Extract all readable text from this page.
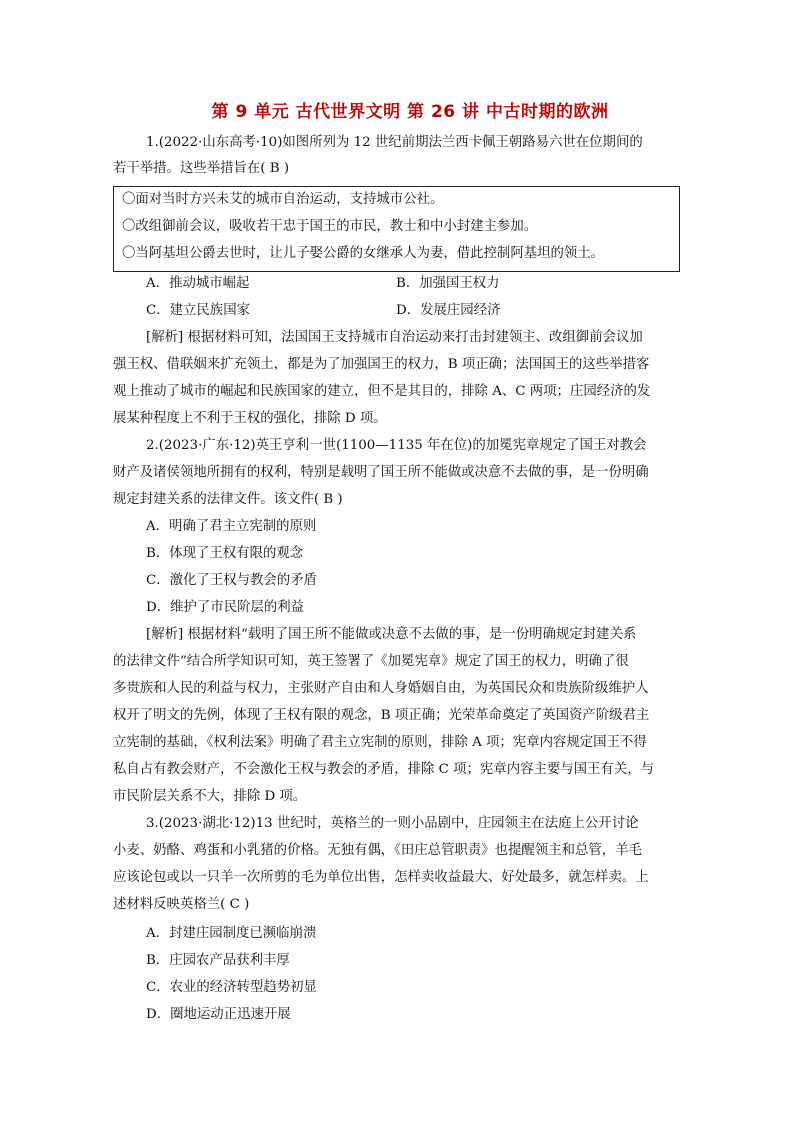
第 9 单元 古代世界文明 第 26 讲 中古时期的欧洲
1.(2022·山东高考·10)如图所列为 12 世纪前期法兰西卡佩王朝路易六世在位期间的
若干举措。这些举措旨在( B )
〇面对当时方兴未艾的城市自治运动，支持城市公社。
〇改组御前会议，吸收若干忠于国王的市民，教士和中小封建主参加。
〇当阿基坦公爵去世时，让儿子娶公爵的女继承人为妻，借此控制阿基坦的领土。
A．推动城市崛起	B．加强国王权力
C．建立民族国家	D．发展庄园经济
[解析] 根据材料可知，法国国王支持城市自治运动来打击封建领主、改组御前会议加
强王权、借联姻来扩充领土，都是为了加强国王的权力，B 项正确；法国国王的这些举措客
观上推动了城市的崛起和民族国家的建立，但不是其目的，排除 A、C 两项；庄园经济的发
展某种程度上不利于王权的强化，排除 D 项。
2.(2023·广东·12)英王亨利一世(1100—1135 年在位)的加冕宪章规定了国王对教会
财产及诸侯领地所拥有的权利，特别是载明了国王所不能做或决意不去做的事，是一份明确
规定封建关系的法律文件。该文件( B )
A．明确了君主立宪制的原则
B．体现了王权有限的观念
C．激化了王权与教会的矛盾
D．维护了市民阶层的利益
[解析] 根据材料“载明了国王所不能做或决意不去做的事，是一份明确规定封建关系
的法律文件”结合所学知识可知，英王签署了《加冕宪章》规定了国王的权力，明确了很
多贵族和人民的利益与权力，主张财产自由和人身婚姻自由，为英国民众和贵族阶级维护人
权开了明文的先例，体现了王权有限的观念，B 项正确；光荣革命奠定了英国资产阶级君主
立宪制的基础，《权利法案》明确了君主立宪制的原则，排除 A 项；宪章内容规定国王不得
私自占有教会财产，不会激化王权与教会的矛盾，排除 C 项；宪章内容主要与国王有关，与
市民阶层关系不大，排除 D 项。
3.(2023·湖北·12)13 世纪时，英格兰的一则小品剧中，庄园领主在法庭上公开讨论
小麦、奶酪、鸡蛋和小乳猪的价格。无独有偶，《田庄总管职责》也提醒领主和总管，羊毛
应该论包或以一只羊一次所剪的毛为单位出售，怎样卖收益最大、好处最多，就怎样卖。上
述材料反映英格兰( C )
A．封建庄园制度已濒临崩溃
B．庄园农产品获利丰厚
C．农业的经济转型趋势初显
D．圈地运动正迅速开展
